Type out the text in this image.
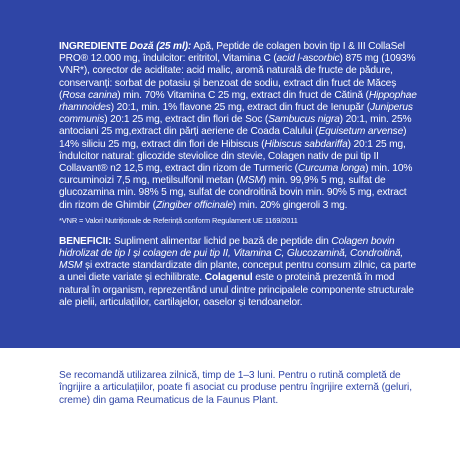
INGREDIENTE Doză (25 ml): Apă, Peptide de colagen bovin tip I & III CollaSel PRO® 12.000 mg, îndulcitor: eritritol, Vitamina C (acid l-ascorbic) 875 mg (1093% VNR*), corector de aciditate: acid malic, aromă naturală de fructe de pădure, conservanți: sorbat de potasiu și benzoat de sodiu, extract din fruct de Măceș (Rosa canina) min. 70% Vitamina C 25 mg, extract din fruct de Cătină (Hippophae rhamnoides) 20:1, min. 1% flavone 25 mg, extract din fruct de Ienupăr (Juniperus communis) 20:1 25 mg, extract din flori de Soc (Sambucus nigra) 20:1, min. 25% antociani 25 mg,extract din părți aeriene de Coada Calului (Equisetum arvense) 14% siliciu 25 mg, extract din flori de Hibiscus (Hibiscus sabdariffa) 20:1 25 mg, îndulcitor natural: glicozide steviolice din stevie, Colagen nativ de pui tip II Collavant® n2 12,5 mg, extract din rizom de Turmeric (Curcuma longa) min. 10% curcuminoizi 7,5 mg, metilsulfonil metan (MSM) min. 99,9% 5 mg, sulfat de glucozamina min. 98% 5 mg, sulfat de condroitină bovin min. 90% 5 mg, extract din rizom de Ghimbir (Zingiber officinale) min. 20% gingeroli 3 mg.

*VNR = Valori Nutriționale de Referință conform Regulament UE 1169/2011

BENEFICII: Supliment alimentar lichid pe bază de peptide din Colagen bovin hidrolizat de tip I și colagen de pui tip II, Vitamina C, Glucozamină, Condroitină, MSM și extracte standardizate din plante, conceput pentru consum zilnic, ca parte a unei diete variate și echilibrate. Colagenul este o proteină prezentă în mod natural în organism, reprezentând unul dintre principalele componente structurale ale pielii, articulațiilor, cartilajelor, oaselor și tendoanelor.

Se recomandă utilizarea zilnică, timp de 1–3 luni. Pentru o rutină completă de îngrijire a articulațiilor, poate fi asociat cu produse pentru îngrijire externă (geluri, creme) din gama Reumaticus de la Faunus Plant.
